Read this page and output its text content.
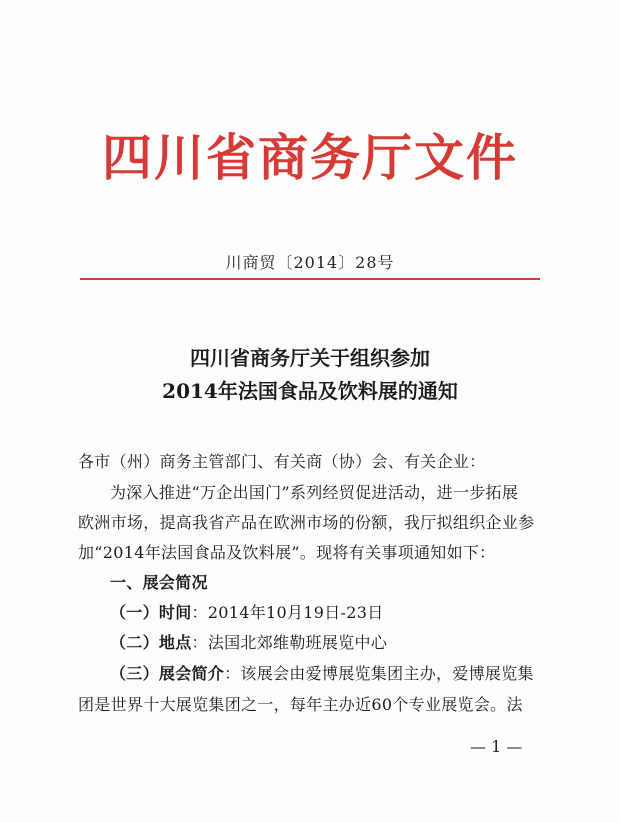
四川省商务厅文件
川商贸〔2014〕28号
四川省商务厅关于组织参加
2014年法国食品及饮料展的通知
各市（州）商务主管部门、有关商（协）会、有关企业：
为深入推进“万企出国门”系列经贸促进活动，进一步拓展
欧洲市场，提高我省产品在欧洲市场的份额，我厅拟组织企业参
加“2014年法国食品及饮料展”。现将有关事项通知如下：
一、展会简况
（一）时间：2014年10月19日-23日
（二）地点：法国北郊维勒班展览中心
（三）展会简介：该展会由爱博展览集团主办，爱博展览集
团是世界十大展览集团之一，每年主办近60个专业展览会。法
— 1 —
